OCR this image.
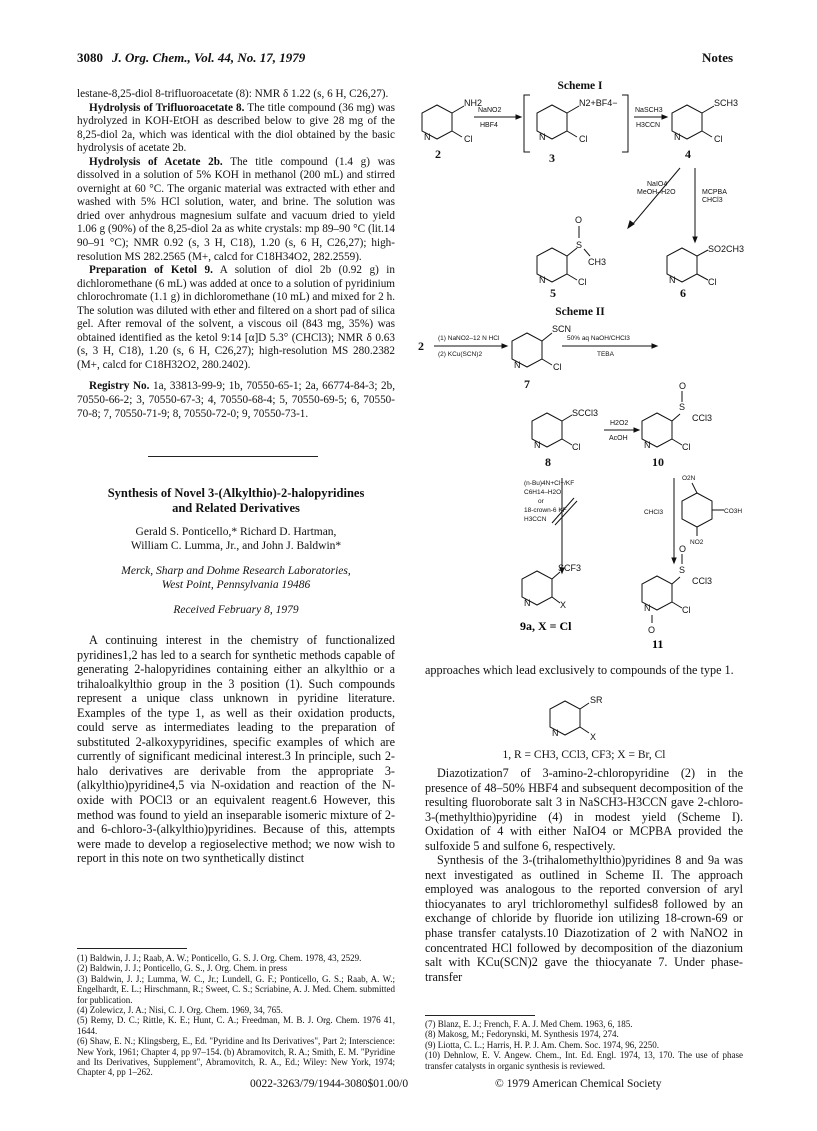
3080 J. Org. Chem., Vol. 44, No. 17, 1979	Notes

lestane-8,25-diol 8-trifluoroacetate (8): NMR δ 1.22 (s, 6 H, C26,27).

Hydrolysis of Trifluoroacetate 8. The title compound (36 mg) was hydrolyzed in KOH-EtOH as described below to give 28 mg of the 8,25-diol 2a, which was identical with the diol obtained by the basic hydrolysis of acetate 2b.

Hydrolysis of Acetate 2b. The title compound (1.4 g) was dissolved in a solution of 5% KOH in methanol (200 mL) and stirred overnight at 60 °C. The organic material was extracted with ether and washed with 5% HCl solution, water, and brine. The solution was dried over anhydrous magnesium sulfate and vacuum dried to yield 1.06 g (90%) of the 8,25-diol 2a as white crystals: mp 89–90 °C (lit.14 90–91 °C); NMR 0.92 (s, 3 H, C18), 1.20 (s, 6 H, C26,27); high-resolution MS 282.2565 (M+, calcd for C18H34O2, 282.2559).

Preparation of Ketol 9. A solution of diol 2b (0.92 g) in dichloromethane (6 mL) was added at once to a solution of pyridinium chlorochromate (1.1 g) in dichloromethane (10 mL) and mixed for 2 h. The solution was diluted with ether and filtered on a short pad of silica gel. After removal of the solvent, a viscous oil (843 mg, 35%) was obtained identified as the ketol 9:14 [α]D 5.3° (CHCl3); NMR δ 0.63 (s, 3 H, C18), 1.20 (s, 6 H, C26,27); high-resolution MS 280.2382 (M+, calcd for C18H32O2, 280.2402).

Registry No. 1a, 33813-99-9; 1b, 70550-65-1; 2a, 66774-84-3; 2b, 70550-66-2; 3, 70550-67-3; 4, 70550-68-4; 5, 70550-69-5; 6, 70550-70-8; 7, 70550-71-9; 8, 70550-72-0; 9, 70550-73-1.

Synthesis of Novel 3-(Alkylthio)-2-halopyridines
and Related Derivatives
Gerald S. Ponticello,* Richard D. Hartman,
William C. Lumma, Jr., and John J. Baldwin*
Merck, Sharp and Dohme Research Laboratories,
West Point, Pennsylvania 19486
Received February 8, 1979

A continuing interest in the chemistry of functionalized pyridines1,2 has led to a search for synthetic methods capable of generating 2-halopyridines containing either an alkylthio or a trihaloalkylthio group in the 3 position (1). Such compounds represent a unique class unknown in pyridine literature. Examples of the type 1, as well as their oxidation products, could serve as intermediates leading to the preparation of substituted 2-alkoxypyridines, specific examples of which are currently of significant medicinal interest.3 In principle, such 2-halo derivatives are derivable from the appropriate 3-(alkylthio)pyridine4,5 via N-oxidation and reaction of the N-oxide with POCl3 or an equivalent reagent.6 However, this method was found to yield an inseparable isomeric mixture of 2- and 6-chloro-3-(alkylthio)pyridines. Because of this, attempts were made to develop a regioselective method; we now wish to report in this note on two synthetically distinct

(1) Baldwin, J. J.; Raab, A. W.; Ponticello, G. S. J. Org. Chem. 1978, 43, 2529.

(2) Baldwin, J. J.; Ponticello, G. S., J. Org. Chem. in press

(3) Baldwin, J. J.; Lumma, W. C., Jr.; Lundell, G. F.; Ponticello, G. S.; Raab, A. W.; Engelhardt, E. L.; Hirschmann, R.; Sweet, C. S.; Scriabine, A. J. Med. Chem. submitted for publication.

(4) Zolewicz, J. A.; Nisi, C. J. Org. Chem. 1969, 34, 765.

(5) Remy, D. C.; Rittle, K. E.; Hunt, C. A.; Freedman, M. B. J. Org. Chem. 1976 41, 1644.

(6) Shaw, E. N.; Klingsberg, E., Ed. "Pyridine and Its Derivatives", Part 2; Interscience: New York, 1961; Chapter 4, pp 97–154. (b) Abramovitch, R. A.; Smith, E. M. "Pyridine and Its Derivatives, Supplement", Abramovitch, R. A., Ed.; Wiley: New York, 1974; Chapter 4, pp 1–262.

Scheme I
NH2
N	Cl
NaNO2
HBF4
N2+BF4−
N	Cl
NaSCH3
H3CCN
SCH3
N	Cl
NaIO4
MeOH–H2O	MCPBA
CHCl3
O
S
CH3
N	Cl
SO2CH3
N	Cl
2	3	4
5	6
Scheme II
2
(1) NaNO2–12 N HCl
(2) KCu(SCN)2
SCN
N	Cl
50% aq NaOH/CHCl3
TEBA
7
SCCl3
N	Cl
H2O2
AcOH
8
O
S
CCl3
N	Cl
10
(n-Bu)4N+Cl−/KF
C6H14–H2O
or
18-crown-6 KF
H3CCN
CHCl3
O2N
CO3H
NO2
SCF3
N	X
O
S
CCl3
N	Cl
O
9a, X = Cl
11

approaches which lead exclusively to compounds of the type 1.

SR
N	X
1, R = CH3, CCl3, CF3; X = Br, Cl

Diazotization7 of 3-amino-2-chloropyridine (2) in the presence of 48–50% HBF4 and subsequent decomposition of the resulting fluoroborate salt 3 in NaSCH3-H3CCN gave 2-chloro-3-(methylthio)pyridine (4) in modest yield (Scheme I). Oxidation of 4 with either NaIO4 or MCPBA provided the sulfoxide 5 and sulfone 6, respectively.

Synthesis of the 3-(trihalomethylthio)pyridines 8 and 9a was next investigated as outlined in Scheme II. The approach employed was analogous to the reported conversion of aryl thiocyanates to aryl trichloromethyl sulfides8 followed by an exchange of chloride by fluoride ion utilizing 18-crown-69 or phase transfer catalysts.10 Diazotization of 2 with NaNO2 in concentrated HCl followed by decomposition of the diazonium salt with KCu(SCN)2 gave the thiocyanate 7. Under phase-transfer

(7) Blanz, E. J.; French, F. A. J. Med Chem. 1963, 6, 185.

(8) Makosg, M.; Fedorynski, M. Synthesis 1974, 274.

(9) Liotta, C. L.; Harris, H. P. J. Am. Chem. Soc. 1974, 96, 2250.

(10) Dehnlow, E. V. Angew. Chem., Int. Ed. Engl. 1974, 13, 170. The use of phase transfer catalysts in organic synthesis is reviewed.

0022-3263/79/1944-3080$01.00/0	© 1979 American Chemical Society
